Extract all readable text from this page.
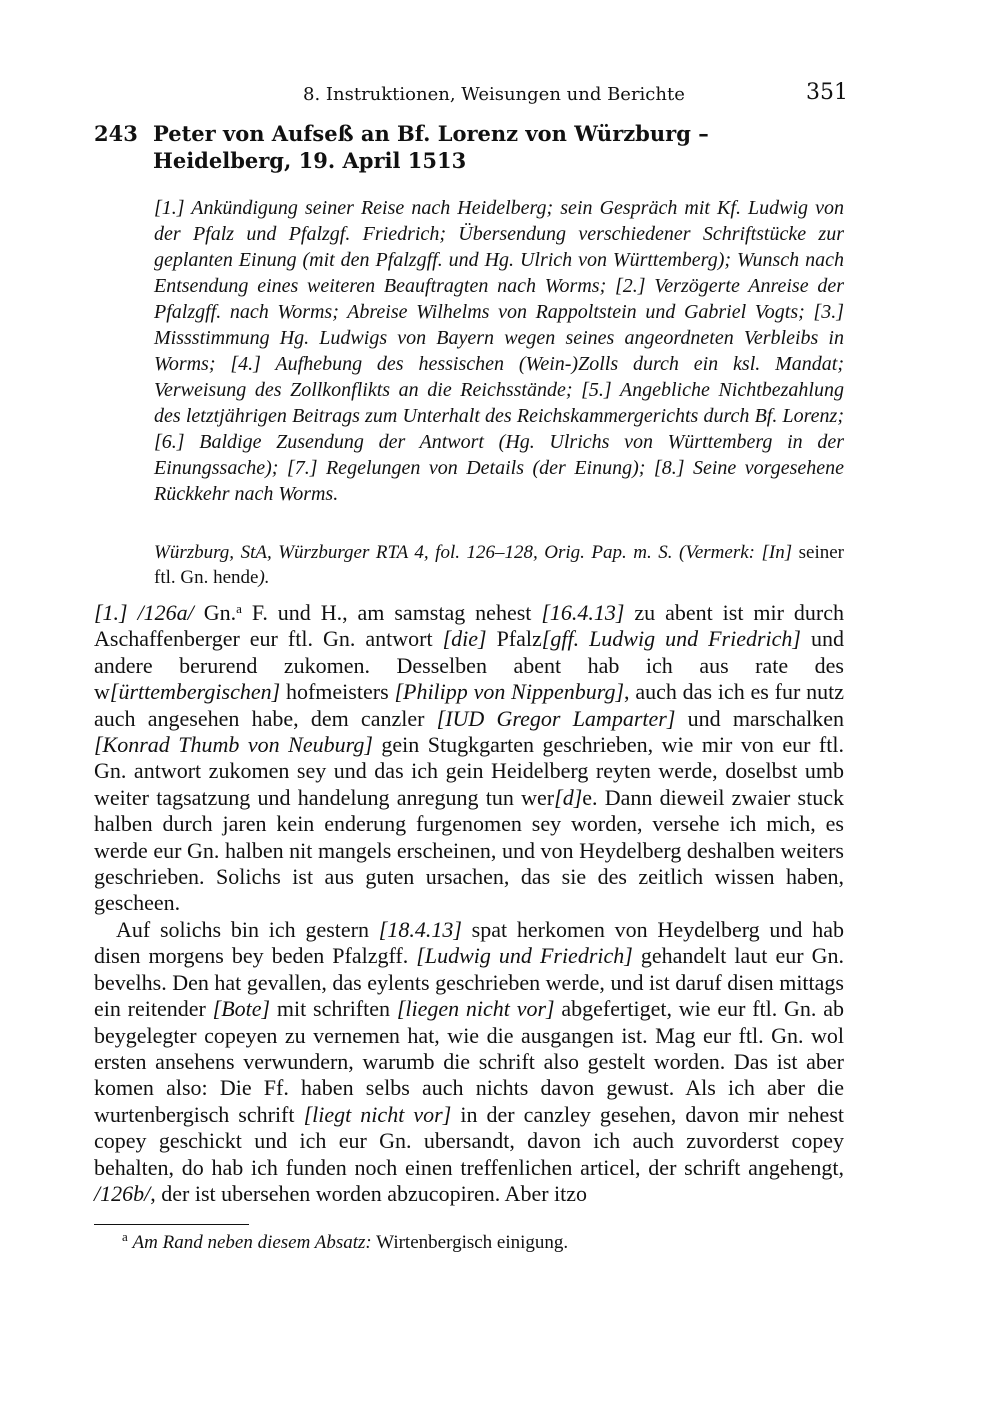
8. Instruktionen, Weisungen und Berichte	351
243 Peter von Aufseß an Bf. Lorenz von Würzburg – Heidelberg, 19. April 1513
[1.] Ankündigung seiner Reise nach Heidelberg; sein Gespräch mit Kf. Ludwig von der Pfalz und Pfalzgf. Friedrich; Übersendung verschiedener Schriftstücke zur geplanten Einung (mit den Pfalzgff. und Hg. Ulrich von Württemberg); Wunsch nach Entsendung eines weiteren Beauftragten nach Worms; [2.] Verzögerte Anreise der Pfalzgff. nach Worms; Abreise Wilhelms von Rappoltstein und Gabriel Vogts; [3.] Missstimmung Hg. Ludwigs von Bayern wegen seines angeordneten Verbleibs in Worms; [4.] Aufhebung des hessischen (Wein-)Zolls durch ein ksl. Mandat; Verweisung des Zollkonflikts an die Reichsstände; [5.] Angebliche Nichtbezahlung des letztjährigen Beitrags zum Unterhalt des Reichskammergerichts durch Bf. Lorenz; [6.] Baldige Zusendung der Antwort (Hg. Ulrichs von Württemberg in der Einungssache); [7.] Regelungen von Details (der Einung); [8.] Seine vorgesehene Rückkehr nach Worms.
Würzburg, StA, Würzburger RTA 4, fol. 126–128, Orig. Pap. m. S. (Vermerk: [In] seiner ftl. Gn. hende).

[1.] /126a/ Gn.$^a$ F. und H., am samstag nehest [16.4.13] zu abent ist mir durch Aschaffenberger eur ftl. Gn. antwort [die] Pfalz[gff. Ludwig und Friedrich] und andere berurend zukomen. Desselben abent hab ich aus rate des w[ürttembergischen] hofmeisters [Philipp von Nippenburg], auch das ich es fur nutz auch angesehen habe, dem canzler [IUD Gregor Lamparter] und marschalken [Konrad Thumb von Neuburg] gein Stugkgarten geschrieben, wie mir von eur ftl. Gn. antwort zukomen sey und das ich gein Heidelberg reyten werde, doselbst umb weiter tagsatzung und handelung anregung tun wer[d]e. Dann dieweil zwaier stuck halben durch jaren kein enderung furgenomen sey worden, versehe ich mich, es werde eur Gn. halben nit mangels erscheinen, und von Heydelberg deshalben weiters geschrieben. Solichs ist aus guten ursachen, das sie des zeitlich wissen haben, gescheen.

Auf solichs bin ich gestern [18.4.13] spat herkomen von Heydelberg und hab disen morgens bey beden Pfalzgff. [Ludwig und Friedrich] gehandelt laut eur Gn. bevelhs. Den hat gevallen, das eylents geschrieben werde, und ist daruf disen mittags ein reitender [Bote] mit schriften [liegen nicht vor] abgefertiget, wie eur ftl. Gn. ab beygelegter copeyen zu vernemen hat, wie die ausgangen ist. Mag eur ftl. Gn. wol ersten ansehens verwundern, warumb die schrift also gestelt worden. Das ist aber komen also: Die Ff. haben selbs auch nichts davon gewust. Als ich aber die wurtenbergisch schrift [liegt nicht vor] in der canzley gesehen, davon mir nehest copey geschickt und ich eur Gn. ubersandt, davon ich auch zuvorderst copey behalten, do hab ich funden noch einen treffenlichen articel, der schrift angehengt, /126b/, der ist ubersehen worden abzucopiren. Aber itzo

$^a$ Am Rand neben diesem Absatz: Wirtenbergisch einigung.
